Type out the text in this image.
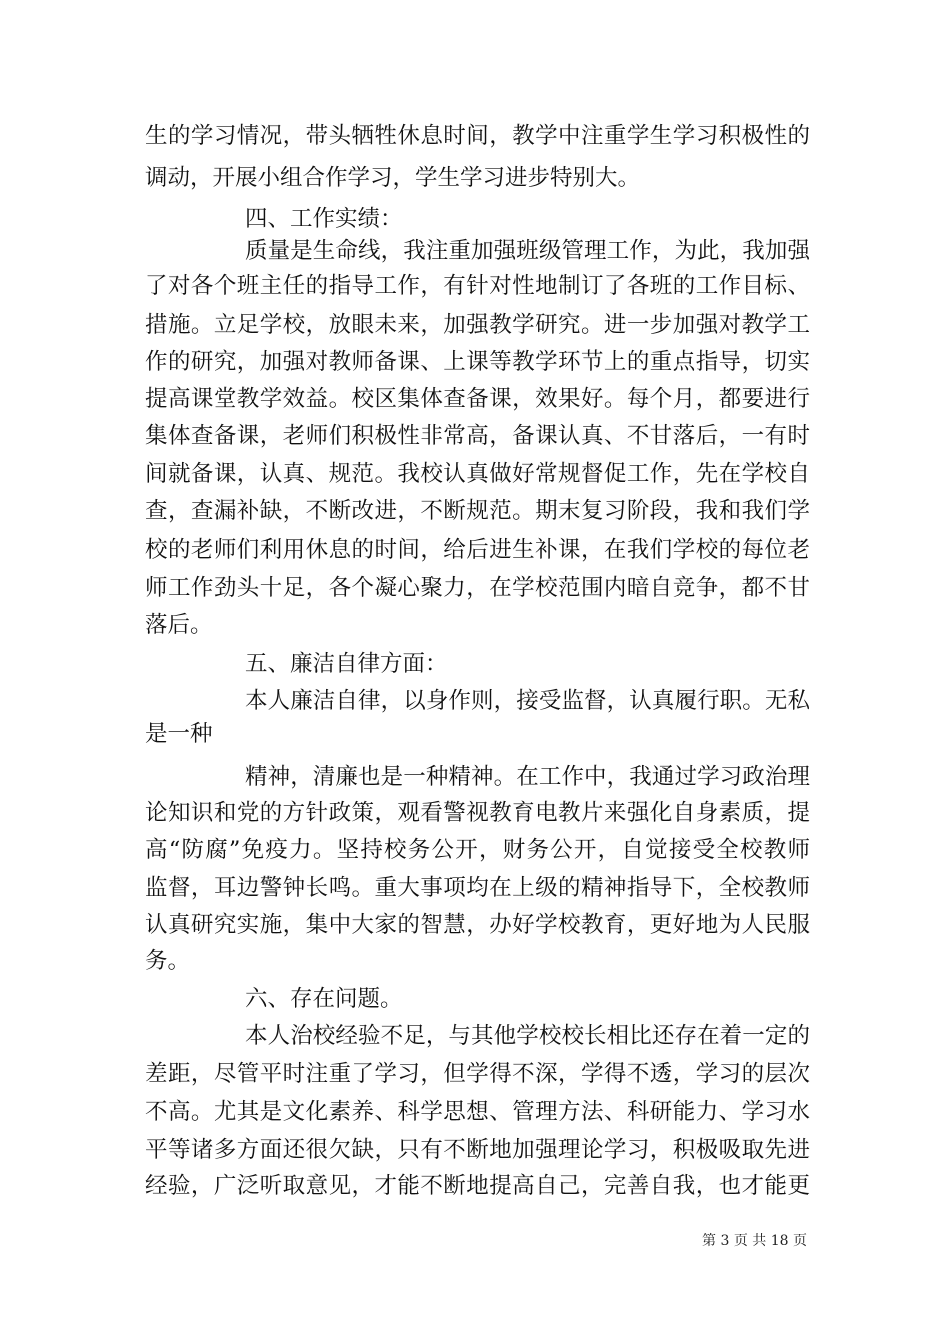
生的学习情况，带头牺牲休息时间，教学中注重学生学习积极性的
调动，开展小组合作学习，学生学习进步特别大。
四、工作实绩：
质量是生命线，我注重加强班级管理工作，为此，我加强
了对各个班主任的指导工作，有针对性地制订了各班的工作目标、
措施。立足学校，放眼未来，加强教学研究。进一步加强对教学工
作的研究，加强对教师备课、上课等教学环节上的重点指导，切实
提高课堂教学效益。校区集体查备课，效果好。每个月，都要进行
集体查备课，老师们积极性非常高，备课认真、不甘落后，一有时
间就备课，认真、规范。我校认真做好常规督促工作，先在学校自
查，查漏补缺，不断改进，不断规范。期末复习阶段，我和我们学
校的老师们利用休息的时间，给后进生补课，在我们学校的每位老
师工作劲头十足，各个凝心聚力，在学校范围内暗自竞争，都不甘
落后。
五、廉洁自律方面：
本人廉洁自律，以身作则，接受监督，认真履行职。无私
是一种
精神，清廉也是一种精神。在工作中，我通过学习政治理
论知识和党的方针政策，观看警视教育电教片来强化自身素质，提
高“防腐”免疫力。坚持校务公开，财务公开，自觉接受全校教师
监督，耳边警钟长鸣。重大事项均在上级的精神指导下，全校教师
认真研究实施，集中大家的智慧，办好学校教育，更好地为人民服
务。
六、存在问题。
本人治校经验不足，与其他学校校长相比还存在着一定的
差距，尽管平时注重了学习，但学得不深，学得不透，学习的层次
不高。尤其是文化素养、科学思想、管理方法、科研能力、学习水
平等诸多方面还很欠缺，只有不断地加强理论学习，积极吸取先进
经验，广泛听取意见，才能不断地提高自己，完善自我，也才能更
第 3 页 共 18 页
